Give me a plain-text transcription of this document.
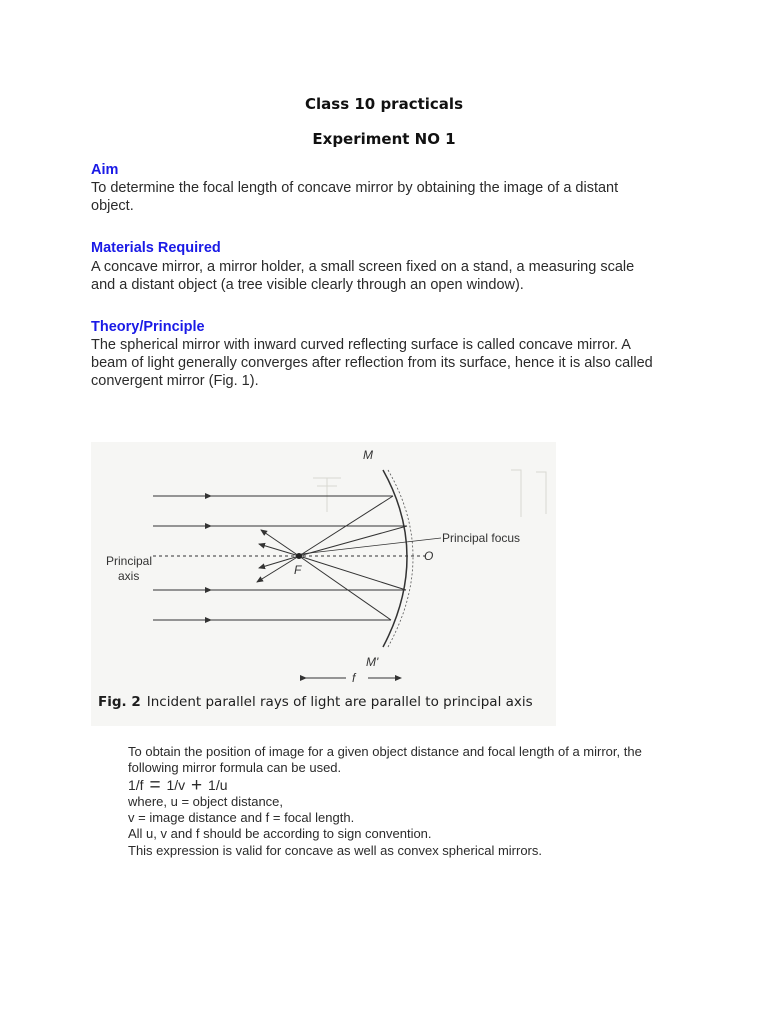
Class 10 practicals
Experiment NO 1
Aim
To determine the focal length of concave mirror by obtaining the image of a distant
object.
Materials Required
A concave mirror, a mirror holder, a small screen fixed on a stand, a measuring scale
and a distant object (a tree visible clearly through an open window).
Theory/Principle
The spherical mirror with inward curved reflecting surface is called concave mirror. A
beam of light generally converges after reflection from its surface, hence it is also called
convergent mirror (Fig. 1).
M
M'
Principal focus
O
F
Principal
axis
f
Fig. 2 Incident parallel rays of light are parallel to principal axis
To obtain the position of image for a given object distance and focal length of a mirror, the
following mirror formula can be used.
1/f = 1/v + 1/u
where, u = object distance,
v = image distance and f = focal length.
All u, v and f should be according to sign convention.
This expression is valid for concave as well as convex spherical mirrors.
